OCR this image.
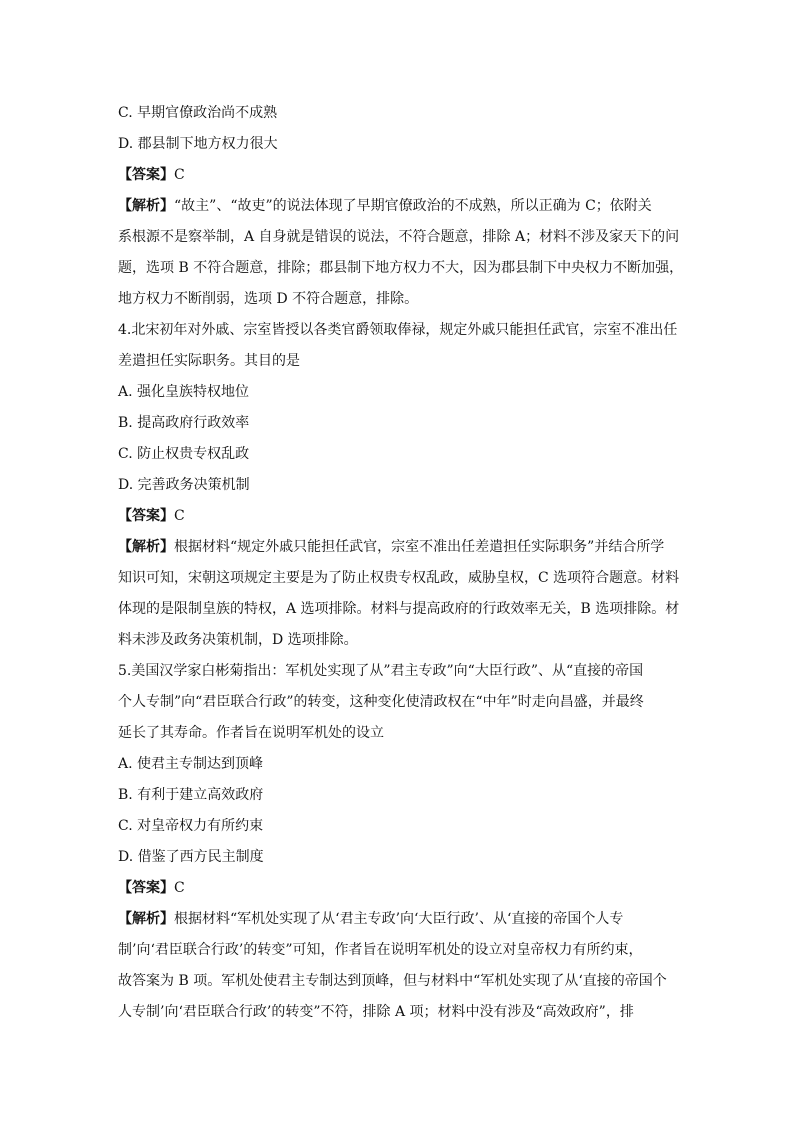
C. 早期官僚政治尚不成熟
D. 郡县制下地方权力很大
【答案】C
【解析】“故主”、“故吏”的说法体现了早期官僚政治的不成熟，所以正确为 C；依附关
系根源不是察举制，A 自身就是错误的说法，不符合题意，排除 A；材料不涉及家天下的问
题，选项 B 不符合题意，排除；郡县制下地方权力不大，因为郡县制下中央权力不断加强，
地方权力不断削弱，选项 D 不符合题意，排除。
4.北宋初年对外戚、宗室皆授以各类官爵领取俸禄，规定外戚只能担任武官，宗室不准出任
差遣担任实际职务。其目的是
A. 强化皇族特权地位
B. 提高政府行政效率
C. 防止权贵专权乱政
D. 完善政务决策机制
【答案】C
【解析】根据材料“规定外戚只能担任武官，宗室不准出任差遣担任实际职务”并结合所学
知识可知，宋朝这项规定主要是为了防止权贵专权乱政，威胁皇权，C 选项符合题意。材料
体现的是限制皇族的特权，A 选项排除。材料与提高政府的行政效率无关，B 选项排除。材
料未涉及政务决策机制，D 选项排除。
5.美国汉学家白彬菊指出：军机处实现了从”君主专政”向“大臣行政”、从“直接的帝国
个人专制”向“君臣联合行政”的转变，这种变化使清政权在“中年”时走向昌盛，并最终
延长了其寿命。作者旨在说明军机处的设立
A. 使君主专制达到顶峰
B. 有利于建立高效政府
C. 对皇帝权力有所约束
D. 借鉴了西方民主制度
【答案】C
【解析】根据材料“军机处实现了从‘君主专政’向‘大臣行政’、从‘直接的帝国个人专
制’向‘君臣联合行政’的转变”可知，作者旨在说明军机处的设立对皇帝权力有所约束，
故答案为 B 项。军机处使君主专制达到顶峰，但与材料中“军机处实现了从‘直接的帝国个
人专制’向‘君臣联合行政’的转变”不符，排除 A 项；材料中没有涉及“高效政府”，排
